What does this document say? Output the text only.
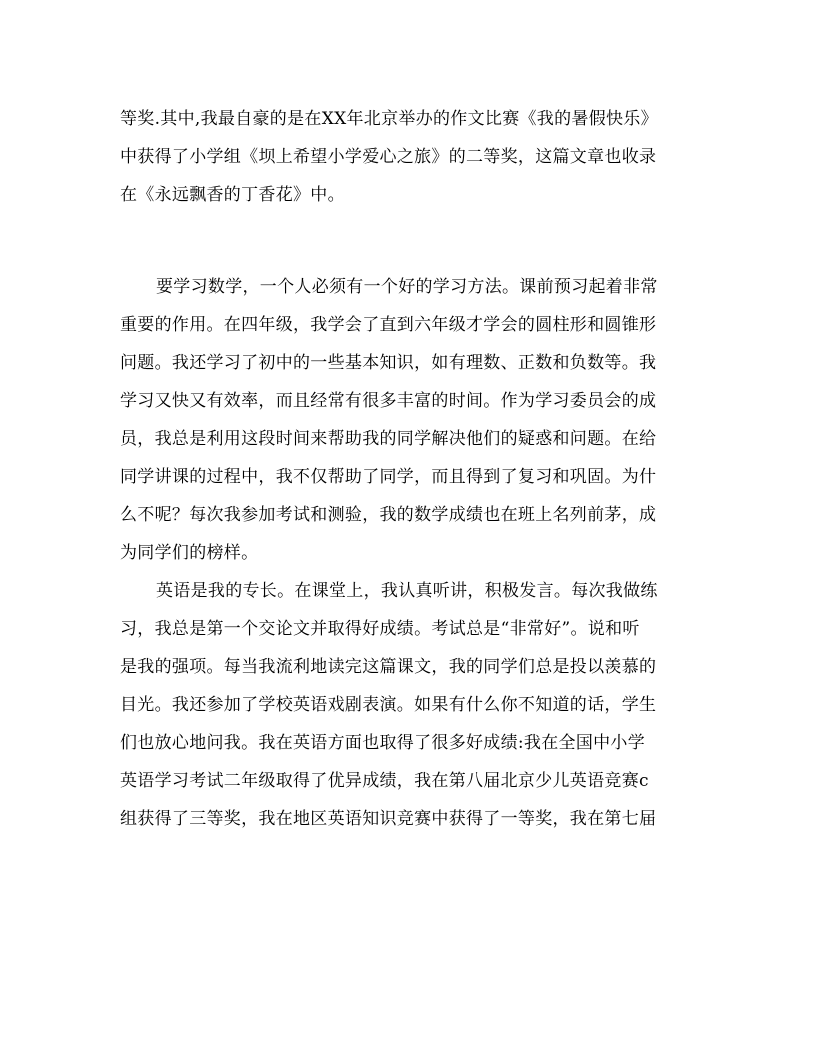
等奖.其中,我最自豪的是在XX年北京举办的作文比赛《我的暑假快乐》
中获得了小学组《坝上希望小学爱心之旅》的二等奖，这篇文章也收录
在《永远飘香的丁香花》中。
要学习数学，一个人必须有一个好的学习方法。课前预习起着非常
重要的作用。在四年级，我学会了直到六年级才学会的圆柱形和圆锥形
问题。我还学习了初中的一些基本知识，如有理数、正数和负数等。我
学习又快又有效率，而且经常有很多丰富的时间。作为学习委员会的成
员，我总是利用这段时间来帮助我的同学解决他们的疑惑和问题。在给
同学讲课的过程中，我不仅帮助了同学，而且得到了复习和巩固。为什
么不呢？每次我参加考试和测验，我的数学成绩也在班上名列前茅，成
为同学们的榜样。
英语是我的专长。在课堂上，我认真听讲，积极发言。每次我做练
习，我总是第一个交论文并取得好成绩。考试总是“非常好”。说和听
是我的强项。每当我流利地读完这篇课文，我的同学们总是投以羡慕的
目光。我还参加了学校英语戏剧表演。如果有什么你不知道的话，学生
们也放心地问我。我在英语方面也取得了很多好成绩:我在全国中小学
英语学习考试二年级取得了优异成绩，我在第八届北京少儿英语竞赛c
组获得了三等奖，我在地区英语知识竞赛中获得了一等奖，我在第七届
